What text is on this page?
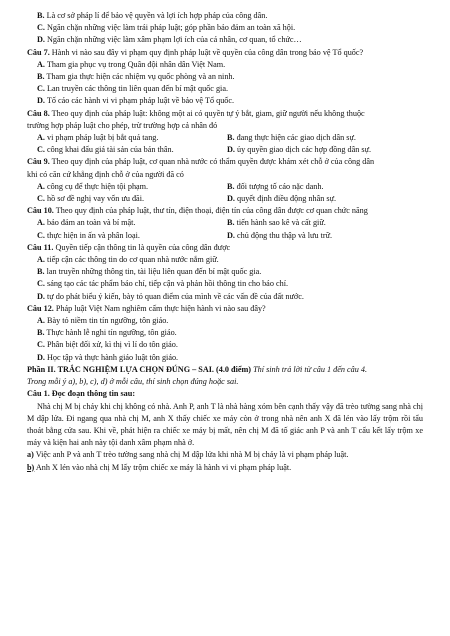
B. Là cơ sở pháp lí để bảo vệ quyền và lợi ích hợp pháp của công dân.
C. Ngăn chặn những việc làm trái pháp luật; góp phần bảo đảm an toàn xã hội.
D. Ngăn chặn những việc làm xâm phạm lợi ích của cá nhân, cơ quan, tổ chức…
Câu 7. Hành vi nào sau đây vi phạm quy định pháp luật về quyền của công dân trong bảo vệ Tổ quốc?
A. Tham gia phục vụ trong Quân đội nhân dân Việt Nam.
B. Tham gia thực hiện các nhiệm vụ quốc phòng và an ninh.
C. Lan truyền các thông tin liên quan đến bí mật quốc gia.
D. Tố cáo các hành vi vi phạm pháp luật về bảo vệ Tổ quốc.
Câu 8. Theo quy định của pháp luật: không một ai có quyền tự ý bắt, giam, giữ người nếu không thuộc
trường hợp pháp luật cho phép, trừ trường hợp cả nhân đó
A. vi phạm pháp luật bị bắt quả tang.	B. đang thực hiện các giao dịch dân sự.
C. công khai đấu giá tài sản của bản thân.	D. ủy quyền giao dịch các hợp đồng dân sự.
Câu 9. Theo quy định của pháp luật, cơ quan nhà nước có thẩm quyền được khám xét chỗ ở của công dân
khi có căn cứ khẳng định chỗ ở của người đã có
A. công cụ để thực hiện tội phạm.	B. đối tượng tố cáo nặc danh.
C. hồ sơ đề nghị vay vốn ưu đãi.	D. quyết định điều động nhân sự.
Câu 10. Theo quy định của pháp luật, thư tín, điện thoại, điện tín của công dân được cơ quan chức năng
A. bảo đảm an toàn và bí mật.	B. tiến hành sao kê và cất giữ.
C. thực hiện in ấn và phân loại.	D. chủ động thu thập và lưu trữ.
Câu 11. Quyền tiếp cận thông tin là quyền của công dân được
A. tiếp cận các thông tin do cơ quan nhà nước nắm giữ.
B. lan truyền những thông tin, tài liệu liên quan đến bí mật quốc gia.
C. sáng tạo các tác phẩm báo chí, tiếp cận và phản hồi thông tin cho báo chí.
D. tự do phát biểu ý kiến, bày tỏ quan điểm của mình về các vấn đề của đất nước.
Câu 12. Pháp luật Việt Nam nghiêm cấm thực hiện hành vi nào sau đây?
A. Bày tỏ niềm tin tín ngưỡng, tôn giáo.
B. Thực hành lễ nghi tín ngưỡng, tôn giáo.
C. Phân biệt đối xử, kì thị vì lí do tôn giáo.
D. Học tập và thực hành giáo luật tôn giáo.
Phần II. TRẮC NGHIỆM LỰA CHỌN ĐÚNG – SAI. (4.0 điểm) Thí sinh trả lời từ câu 1 đến câu 4.
Trong mỗi ý a), b), c), d) ở mỗi câu, thí sinh chọn đúng hoặc sai.
Câu 1. Đọc đoạn thông tin sau:
Nhà chị M bị cháy khi chị không có nhà. Anh P, anh T là nhà hàng xóm bên cạnh thấy vậy đã trèo tường sang nhà chị M dập lửa. Đi ngang qua nhà chị M, anh X thấy chiếc xe máy còn ở trong nhà nên anh X đã lén vào lấy trộm rồi tẩu thoát bằng cửa sau. Khi về, phát hiện ra chiếc xe máy bị mất, nên chị M đã tố giác anh P và anh T cấu kết lấy trộm xe máy và kiện hai anh này tội danh xâm phạm nhà ở.
a) Việc anh P và anh T trèo tường sang nhà chị M dập lửa khi nhà M bị cháy là vi phạm pháp luật.
b) Anh X lén vào nhà chị M lấy trộm chiếc xe máy là hành vi vi phạm pháp luật.
